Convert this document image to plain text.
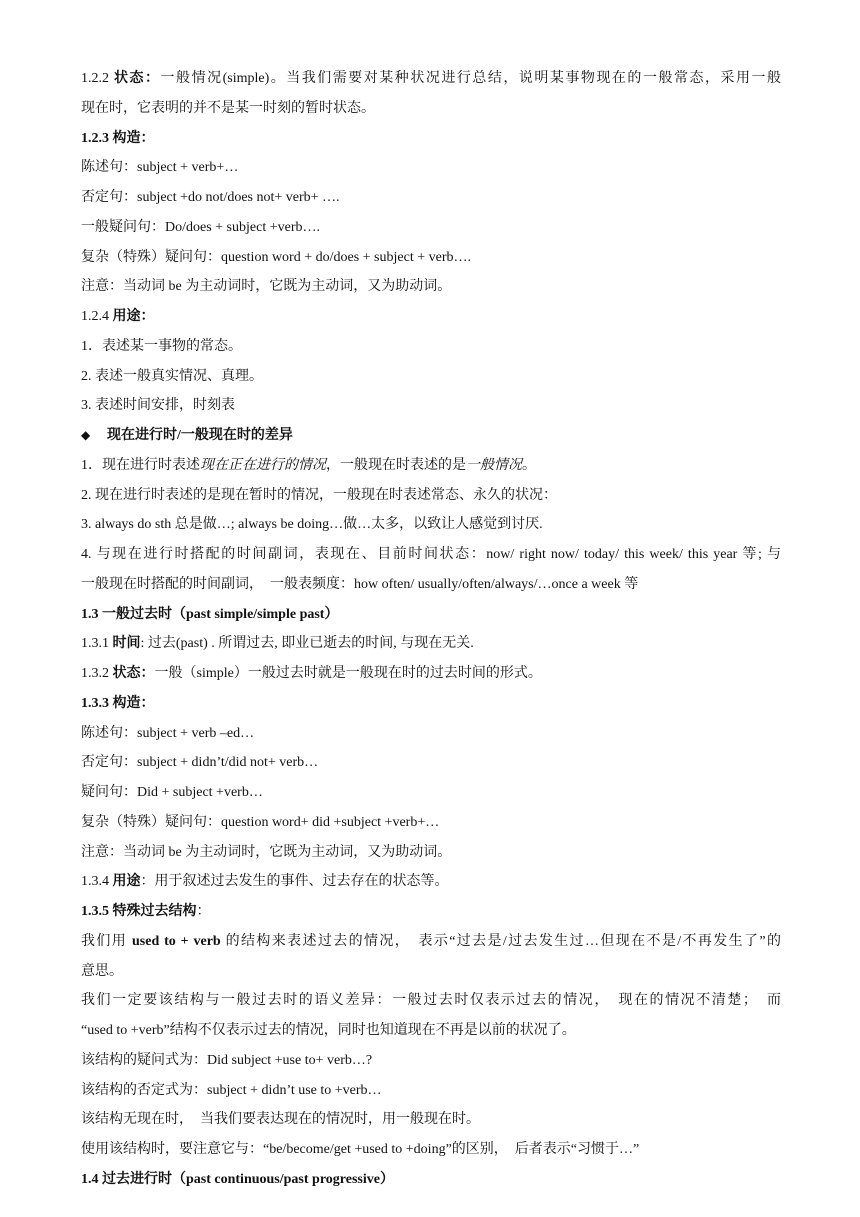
1.2.2 状态：一般情况(simple)。当我们需要对某种状况进行总结，说明某事物现在的一般常态，采用一般
现在时，它表明的并不是某一时刻的暂时状态。
1.2.3 构造：
陈述句：subject + verb+…
否定句：subject +do not/does not+ verb+ ….
一般疑问句：Do/does + subject +verb….
复杂（特殊）疑问句：question word + do/does + subject + verb….
注意：当动词 be 为主动词时，它既为主动词，又为助动词。
1.2.4 用途：
1．表述某一事物的常态。
2. 表述一般真实情况、真理。
3. 表述时间安排，时刻表
◆ 现在进行时/一般现在时的差异
1．现在进行时表述现在正在进行的情况，一般现在时表述的是一般情况。
2. 现在进行时表述的是现在暂时的情况，一般现在时表述常态、永久的状况：
3. always do sth 总是做…; always be doing…做…太多，以致让人感觉到讨厌.
4. 与现在进行时搭配的时间副词，表现在、目前时间状态：now/ right now/ today/ this week/ this year 等; 与
一般现在时搭配的时间副词，　一般表频度：how often/ usually/often/always/…once a week 等
1.3 一般过去时（past simple/simple past）
1.3.1 时间: 过去(past) . 所谓过去, 即业已逝去的时间, 与现在无关.
1.3.2 状态：一般（simple）一般过去时就是一般现在时的过去时间的形式。
1.3.3 构造：
陈述句：subject + verb –ed…
否定句：subject + didn’t/did not+ verb…
疑问句：Did + subject +verb…
复杂（特殊）疑问句：question word+ did +subject +verb+…
注意：当动词 be 为主动词时，它既为主动词，又为助动词。
1.3.4 用途：用于叙述过去发生的事件、过去存在的状态等。
1.3.5 特殊过去结构：
我们用 used to + verb 的结构来表述过去的情况，　表示“过去是/过去发生过…但现在不是/不再发生了”的
意思。
我们一定要该结构与一般过去时的语义差异：一般过去时仅表示过去的情况，　现在的情况不清楚；　而
“used to +verb”结构不仅表示过去的情况，同时也知道现在不再是以前的状况了。
该结构的疑问式为：Did subject +use to+ verb…?
该结构的否定式为：subject + didn’t use to +verb…
该结构无现在时，　当我们要表达现在的情况时，用一般现在时。
使用该结构时，要注意它与：“be/become/get +used to +doing”的区别，　后者表示“习惯于…”
1.4 过去进行时（past continuous/past progressive）
